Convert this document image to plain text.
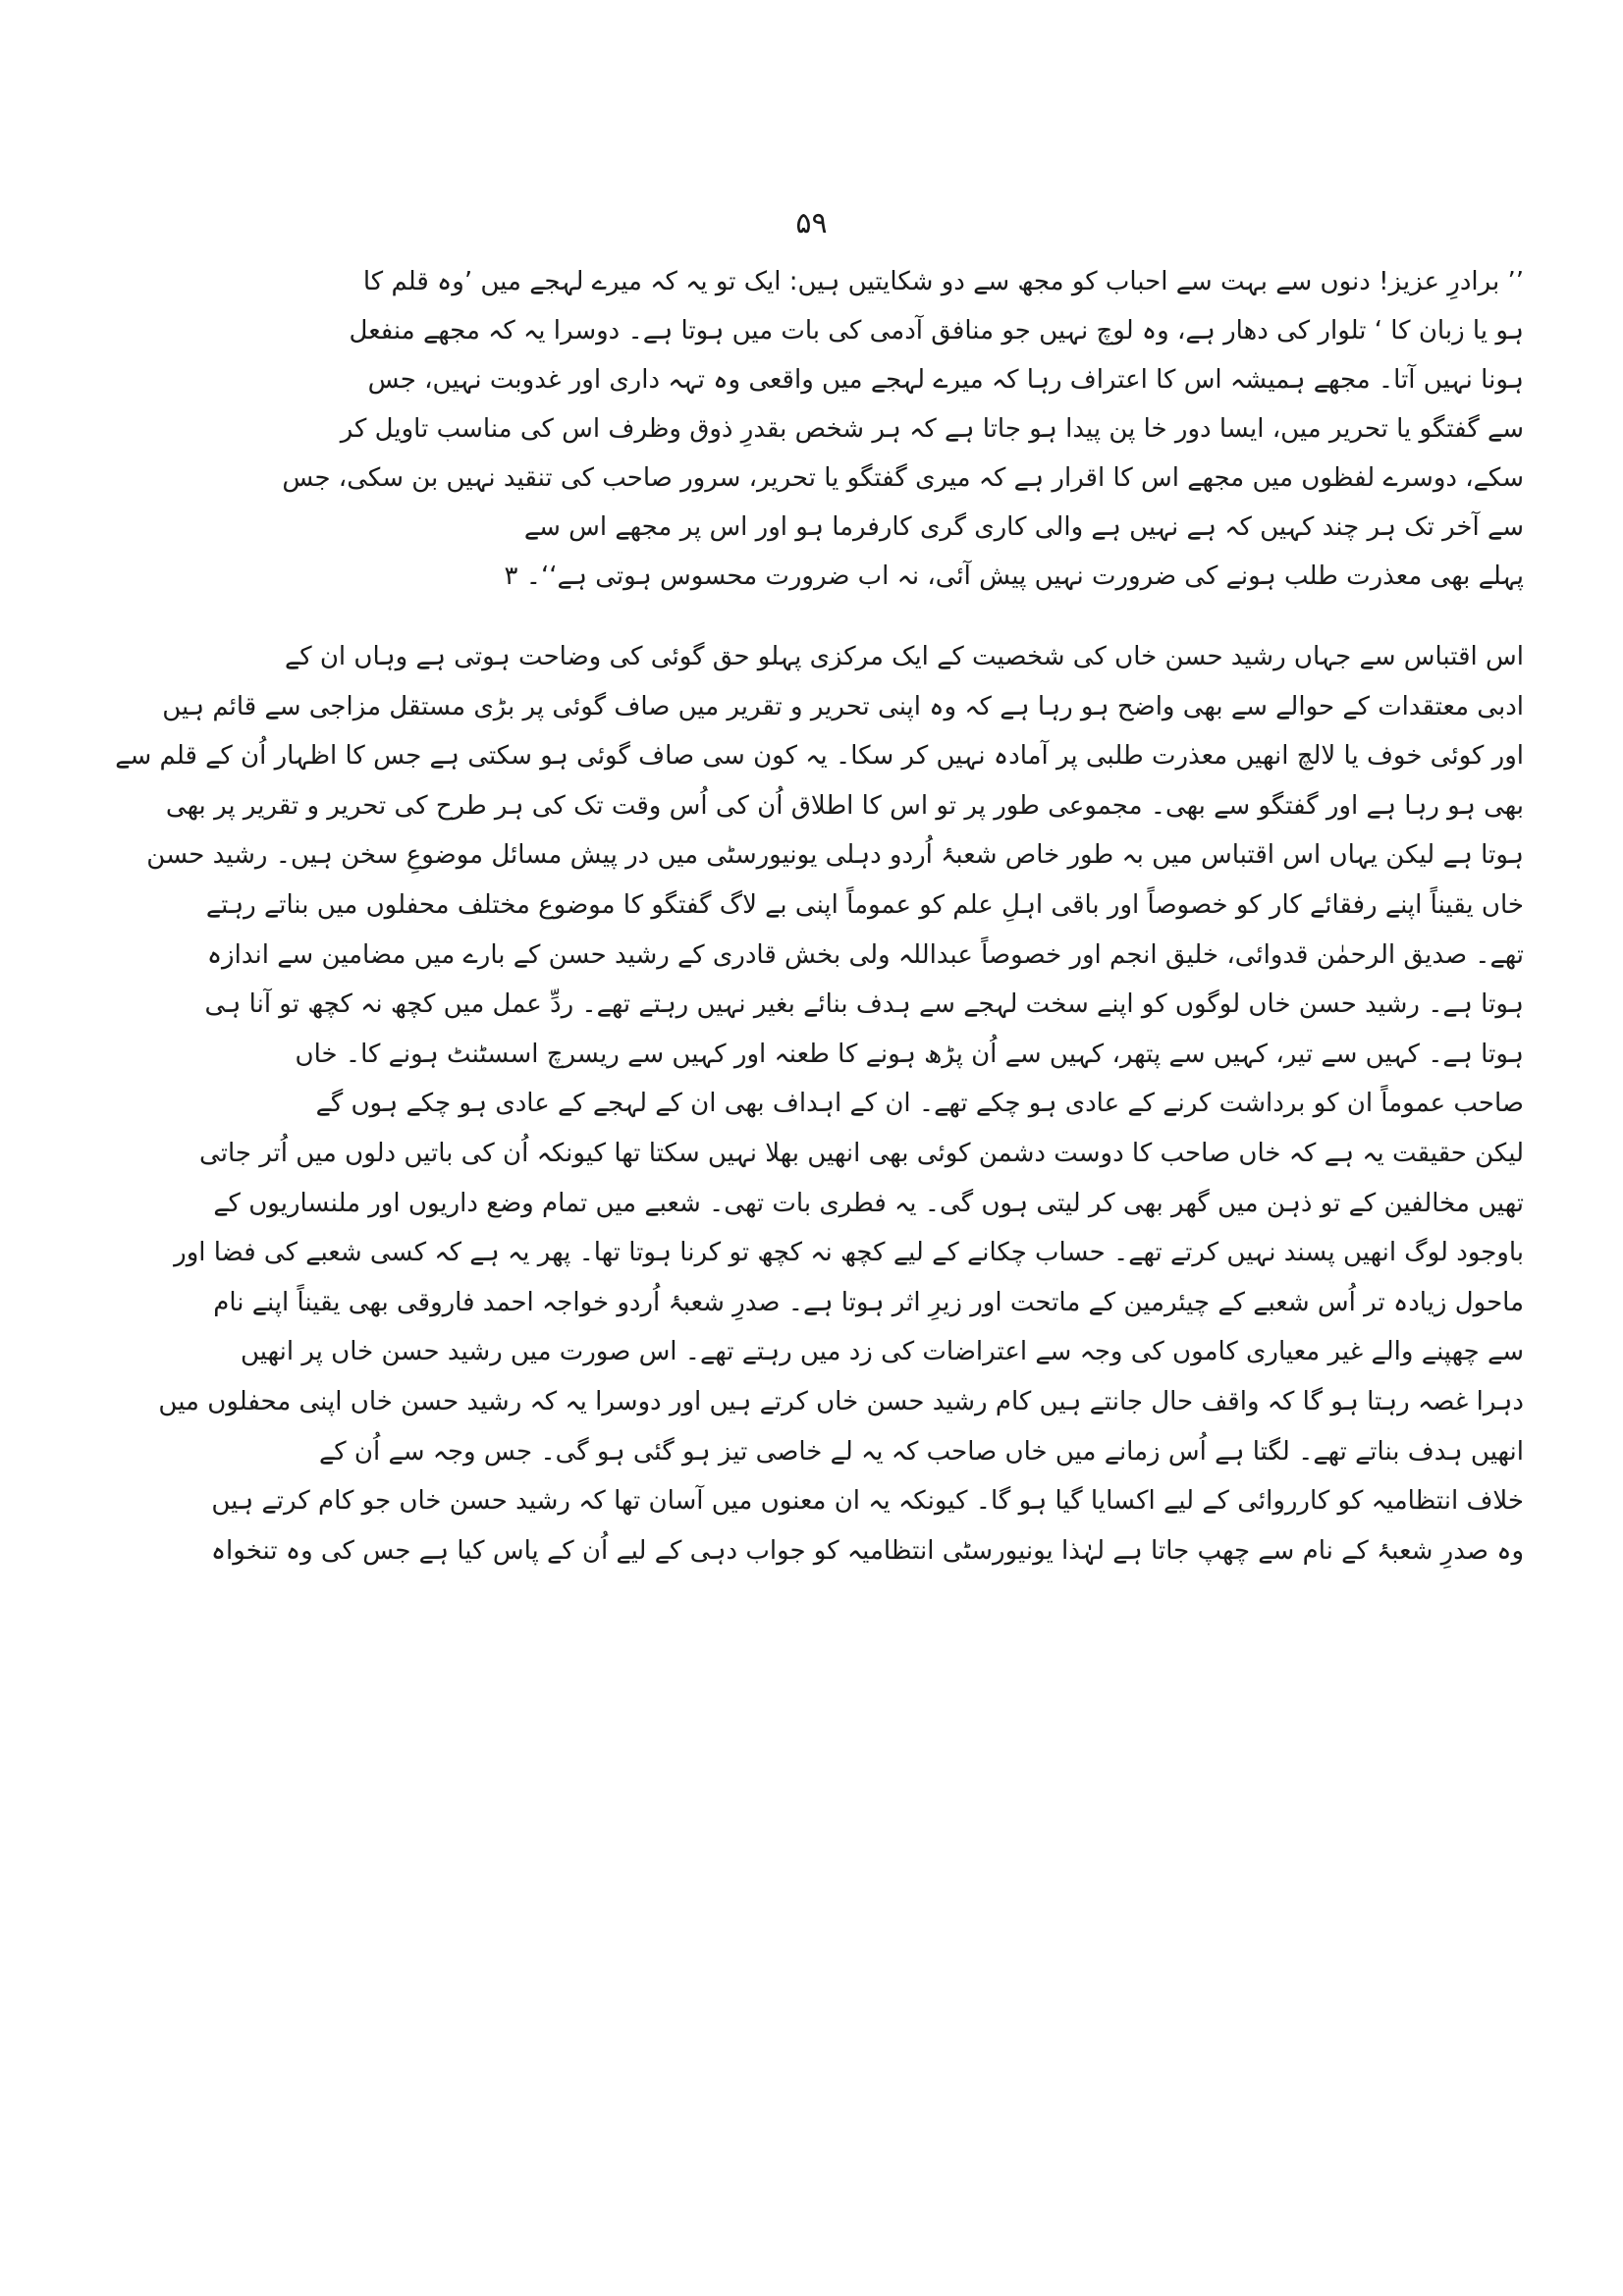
۵۹
’’ برادرِ عزیز! دنوں سے بہت سے احباب کو مجھ سے دو شکایتیں ہیں: ایک تو یہ کہ میرے لہجے میں ’وہ قلم کا
ہو یا زبان کا ‘ تلوار کی دھار ہے، وہ لوچ نہیں جو منافق آدمی کی بات میں ہوتا ہے۔ دوسرا یہ کہ مجھے منفعل
ہونا نہیں آتا۔ مجھے ہمیشہ اس کا اعتراف رہا کہ میرے لہجے میں واقعی وہ تہہ داری اور غدوبت نہیں، جس
سے گفتگو یا تحریر میں، ایسا دور خا پن پیدا ہو جاتا ہے کہ ہر شخص بقدرِ ذوق وظرف اس کی مناسب تاویل کر
سکے، دوسرے لفظوں میں مجھے اس کا اقرار ہے کہ میری گفتگو یا تحریر، سرور صاحب کی تنقید نہیں بن سکی، جس
سے آخر تک ہر چند کہیں کہ ہے نہیں ہے والی کاری گری کارفرما ہو اور اس پر مجھے اس سے
پہلے بھی معذرت طلب ہونے کی ضرورت نہیں پیش آئی، نہ اب ضرورت محسوس ہوتی ہے‘‘۔ ۳
اس اقتباس سے جہاں رشید حسن خاں کی شخصیت کے ایک مرکزی پہلو حق گوئی کی وضاحت ہوتی ہے وہاں ان کے
ادبی معتقدات کے حوالے سے بھی واضح ہو رہا ہے کہ وہ اپنی تحریر و تقریر میں صاف گوئی پر بڑی مستقل مزاجی سے قائم ہیں
اور کوئی خوف یا لالچ انھیں معذرت طلبی پر آمادہ نہیں کر سکا۔ یہ کون سی صاف گوئی ہو سکتی ہے جس کا اظہار اُن کے قلم سے
بھی ہو رہا ہے اور گفتگو سے بھی۔ مجموعی طور پر تو اس کا اطلاق اُن کی اُس وقت تک کی ہر طرح کی تحریر و تقریر پر بھی
ہوتا ہے لیکن یہاں اس اقتباس میں بہ طور خاص شعبۂ اُردو دہلی یونیورسٹی میں در پیش مسائل موضوعِ سخن ہیں۔ رشید حسن
خاں یقیناً اپنے رفقائے کار کو خصوصاً اور باقی اہلِ علم کو عموماً اپنی بے لاگ گفتگو کا موضوع مختلف محفلوں میں بناتے رہتے
تھے۔ صدیق الرحمٰن قدوائی، خلیق انجم اور خصوصاً عبداللہ ولی بخش قادری کے رشید حسن کے بارے میں مضامین سے اندازہ
ہوتا ہے۔ رشید حسن خاں لوگوں کو اپنے سخت لہجے سے ہدف بنائے بغیر نہیں رہتے تھے۔ ردِّ عمل میں کچھ نہ کچھ تو آنا ہی
ہوتا ہے۔ کہیں سے تیر، کہیں سے پتھر، کہیں سے اُن پڑھ ہونے کا طعنہ اور کہیں سے ریسرچ اسسٹنٹ ہونے کا۔ خاں
صاحب عموماً ان کو برداشت کرنے کے عادی ہو چکے تھے۔ ان کے اہداف بھی ان کے لہجے کے عادی ہو چکے ہوں گے
لیکن حقیقت یہ ہے کہ خاں صاحب کا دوست دشمن کوئی بھی انھیں بھلا نہیں سکتا تھا کیونکہ اُن کی باتیں دلوں میں اُتر جاتی
تھیں مخالفین کے تو ذہن میں گھر بھی کر لیتی ہوں گی۔ یہ فطری بات تھی۔ شعبے میں تمام وضع داریوں اور ملنساریوں کے
باوجود لوگ انھیں پسند نہیں کرتے تھے۔ حساب چکانے کے لیے کچھ نہ کچھ تو کرنا ہوتا تھا۔ پھر یہ ہے کہ کسی شعبے کی فضا اور
ماحول زیادہ تر اُس شعبے کے چیئرمین کے ماتحت اور زیرِ اثر ہوتا ہے۔ صدرِ شعبۂ اُردو خواجہ احمد فاروقی بھی یقیناً اپنے نام
سے چھپنے والے غیر معیاری کاموں کی وجہ سے اعتراضات کی زد میں رہتے تھے۔ اس صورت میں رشید حسن خاں پر انھیں
دہرا غصہ رہتا ہو گا کہ واقف حال جانتے ہیں کام رشید حسن خاں کرتے ہیں اور دوسرا یہ کہ رشید حسن خاں اپنی محفلوں میں
انھیں ہدف بناتے تھے۔ لگتا ہے اُس زمانے میں خاں صاحب کہ یہ لے خاصی تیز ہو گئی ہو گی۔ جس وجہ سے اُن کے
خلاف انتظامیہ کو کارروائی کے لیے اکسایا گیا ہو گا۔ کیونکہ یہ ان معنوں میں آسان تھا کہ رشید حسن خاں جو کام کرتے ہیں
وہ صدرِ شعبۂ کے نام سے چھپ جاتا ہے لہٰذا یونیورسٹی انتظامیہ کو جواب دہی کے لیے اُن کے پاس کیا ہے جس کی وہ تنخواہ
